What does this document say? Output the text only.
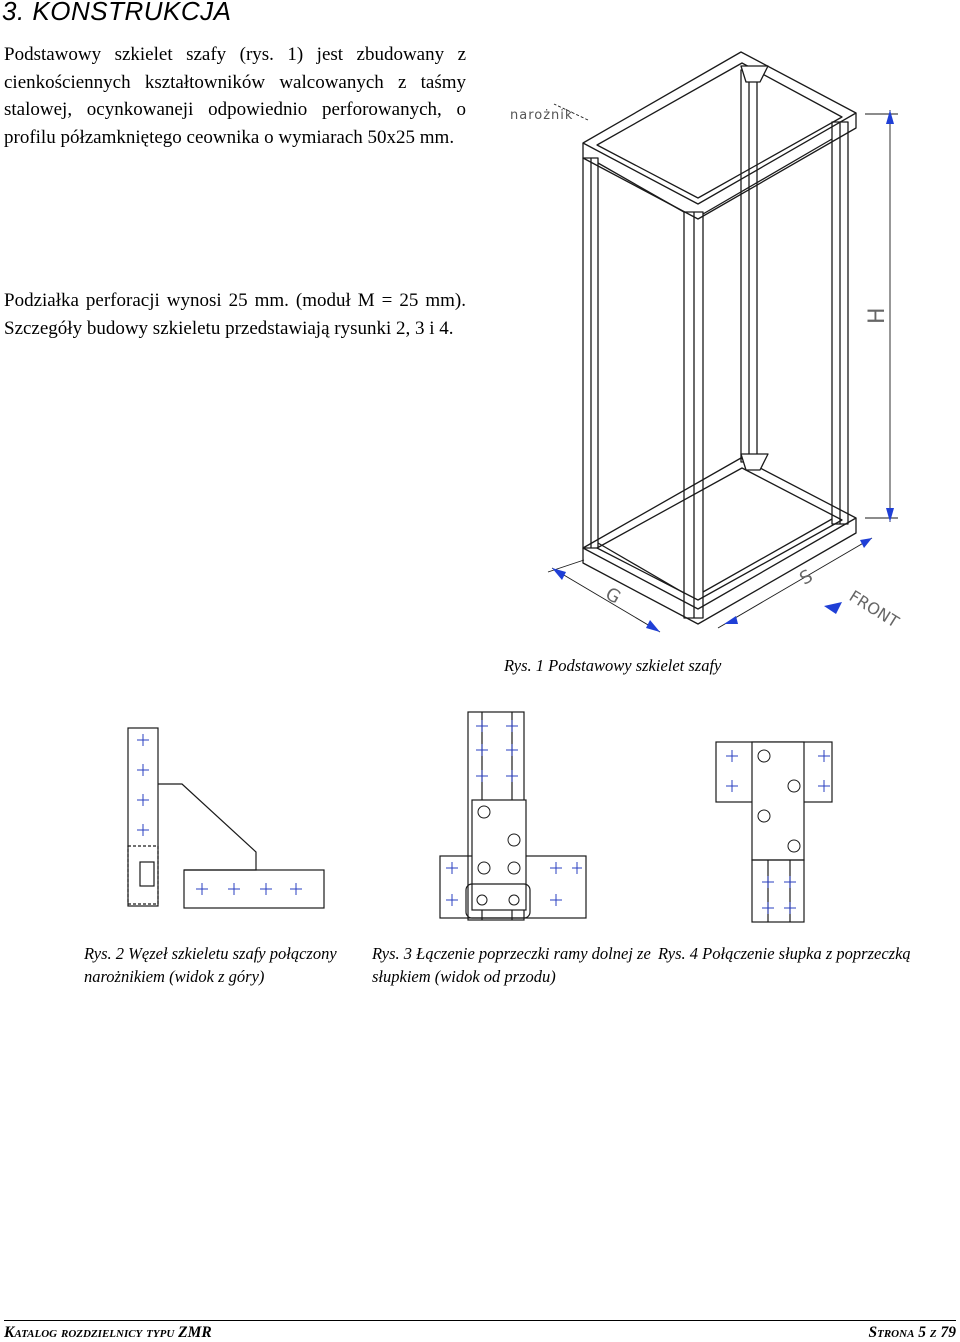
3. KONSTRUKCJA

Podstawowy szkielet szafy (rys. 1) jest zbudowany z cienkościennych kształtowników walcowanych z taśmy stalowej, ocynkowaneji odpowiednio perforowanych, o profilu półzamkniętego ceownika o wymiarach 50x25 mm.

Podziałka perforacji wynosi 25 mm. (moduł M = 25 mm). Szczegóły budowy szkieletu przedstawiają rysunki 2, 3 i 4.

narożnik
H
S
G	FRONT

Rys. 1 Podstawowy szkielet szafy

Rys. 2 Węzeł szkieletu szafy połączony narożnikiem (widok z góry)

Rys. 3 Łączenie poprzeczki ramy dolnej ze słupkiem (widok od przodu)

Rys. 4 Połączenie słupka z poprzeczką

Katalog rozdzielnicy typu ZMR	Strona 5 z 79
